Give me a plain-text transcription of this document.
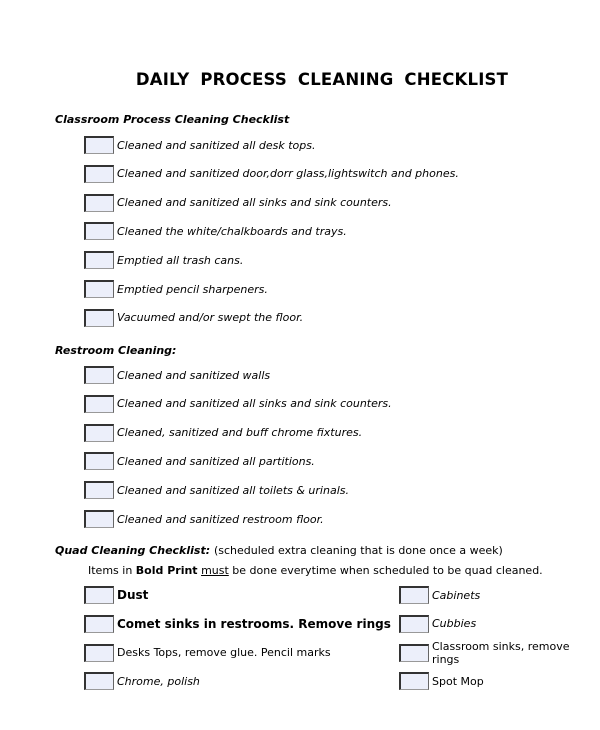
DAILY PROCESS CLEANING CHECKLIST
Classroom Process Cleaning Checklist
Cleaned and sanitized all desk tops.
Cleaned and sanitized door,dorr glass,lightswitch and phones.
Cleaned and sanitized all sinks and sink counters.
Cleaned the white/chalkboards and trays.
Emptied all trash cans.
Emptied pencil sharpeners.
Vacuumed and/or swept the floor.
Restroom Cleaning:
Cleaned and sanitized walls
Cleaned and sanitized all sinks and sink counters.
Cleaned, sanitized and buff chrome fixtures.
Cleaned and sanitized all partitions.
Cleaned and sanitized all toilets & urinals.
Cleaned and sanitized restroom floor.
Quad Cleaning Checklist: (scheduled extra cleaning that is done once a week)
Items in Bold Print must be done everytime when scheduled to be quad cleaned.
Dust
Comet sinks in restrooms. Remove rings
Desks Tops, remove glue. Pencil marks
Chrome, polish
Cabinets
Cubbies
Classroom sinks, remove rings
Spot Mop
